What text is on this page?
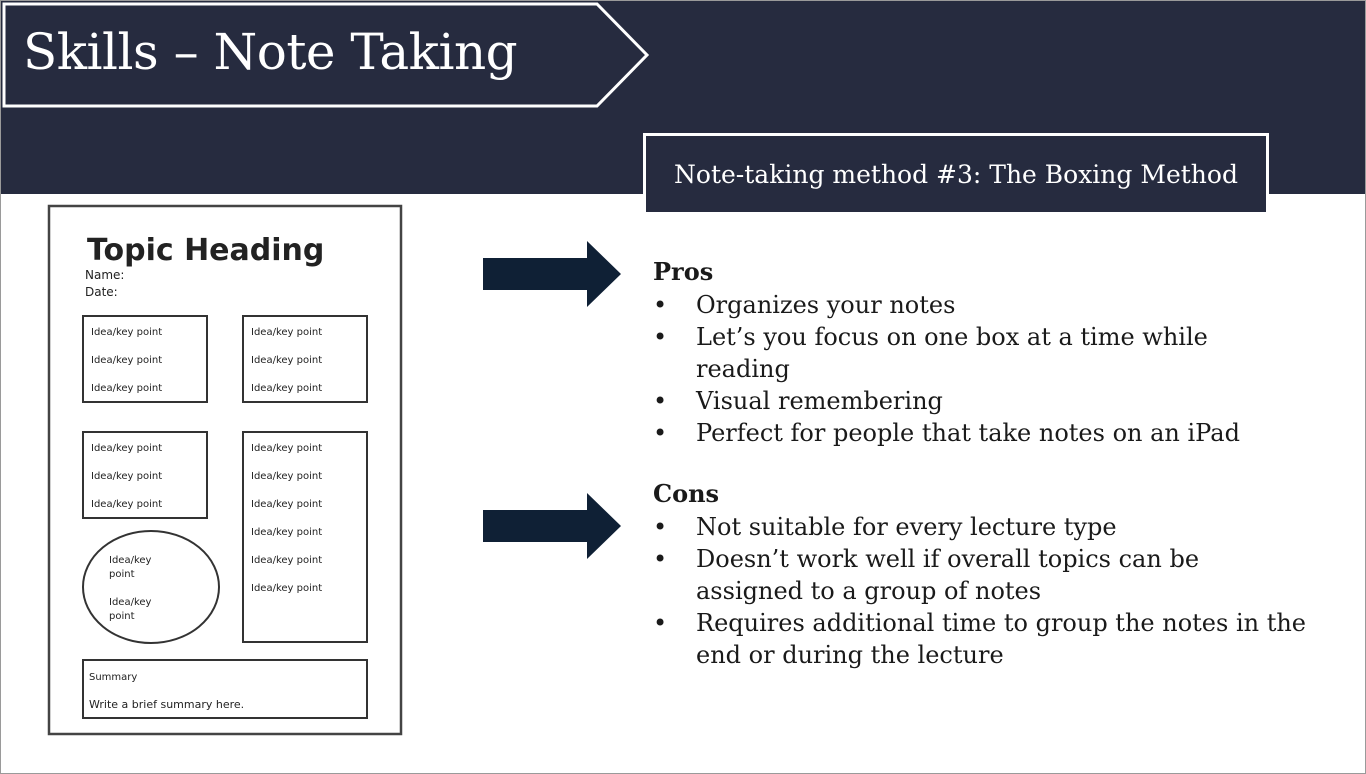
Skills – Note Taking
Note-taking method #3: The Boxing Method
Topic Heading
Name:
Date:
Idea/key point
Idea/key point
Idea/key point
Idea/key point
Idea/key point
Idea/key point
Idea/key point
Idea/key point
Idea/key point
Idea/key point
Idea/key point
Idea/key point
Idea/key point
Idea/key point
Idea/key point
Idea/key
point
Idea/key
point
Summary
Write a brief summary here.
Pros
• Organizes your notes
• Let’s you focus on one box at a time while reading
• Visual remembering
• Perfect for people that take notes on an iPad
Cons
• Not suitable for every lecture type
• Doesn’t work well if overall topics can be assigned to a group of notes
• Requires additional time to group the notes in the end or during the lecture
